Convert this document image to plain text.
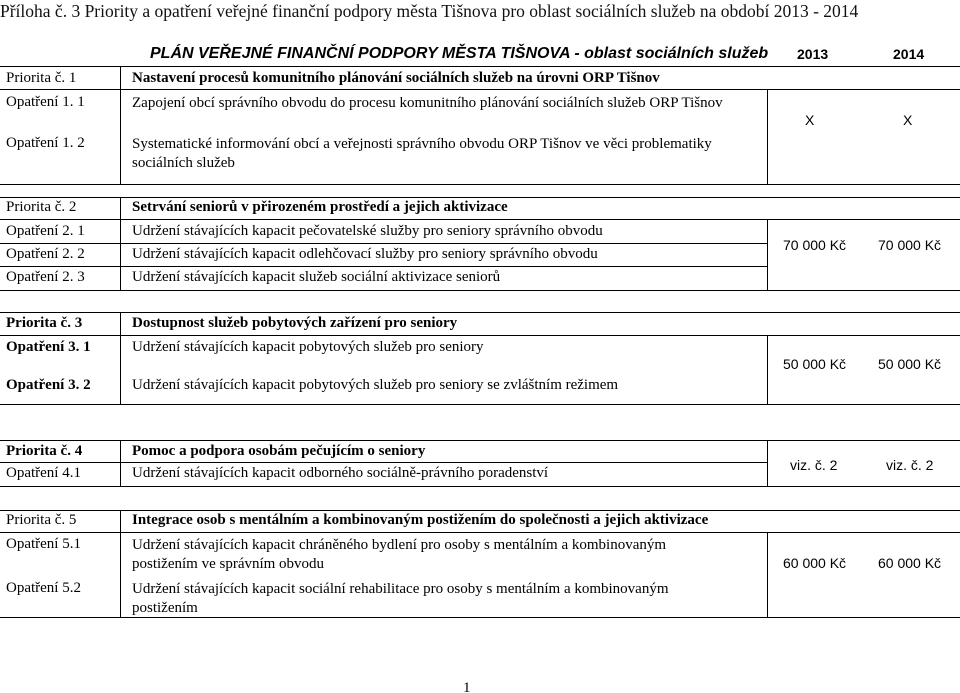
Příloha č. 3 Priority a opatření veřejné finanční podpory města Tišnova pro oblast sociálních služeb na období 2013 - 2014
PLÁN VEŘEJNÉ FINANČNÍ PODPORY MĚSTA TIŠNOVA - oblast sociálních služeb 2013	2014
Priorita č. 1	Nastavení procesů komunitního plánování sociálních služeb na úrovni ORP Tišnov
Opatření 1. 1	Zapojení obcí správního obvodu do procesu komunitního plánování sociálních služeb ORP Tišnov
Opatření 1. 2	Systematické informování obcí a veřejnosti správního obvodu ORP Tišnov ve věci problematiky sociálních služeb
X	X
Priorita č. 2	Setrvání seniorů v přirozeném prostředí a jejich aktivizace
Opatření 2. 1	Udržení stávajících kapacit pečovatelské služby pro seniory správního obvodu
Opatření 2. 2	Udržení stávajících kapacit odlehčovací služby pro seniory správního obvodu
Opatření 2. 3	Udržení stávajících kapacit služeb sociální aktivizace seniorů
70 000 Kč 70 000 Kč
Priorita č. 3	Dostupnost služeb pobytových zařízení pro seniory
Opatření 3. 1	Udržení stávajících kapacit pobytových služeb pro seniory
Opatření 3. 2	Udržení stávajících kapacit pobytových služeb pro seniory se zvláštním režimem
50 000 Kč 50 000 Kč
Priorita č. 4	Pomoc a podpora osobám pečujícím o seniory
Opatření 4.1	Udržení stávajících kapacit odborného sociálně-právního poradenství	viz. č. 2	viz. č. 2
Priorita č. 5	Integrace osob s mentálním a kombinovaným postižením do společnosti a jejich aktivizace
Opatření 5.1	Udržení stávajících kapacit chráněného bydlení pro osoby s mentálním a kombinovaným postižením ve správním obvodu
Opatření 5.2	Udržení stávajících kapacit sociální rehabilitace pro osoby s mentálním a kombinovaným postižením
60 000 Kč 60 000 Kč
1
